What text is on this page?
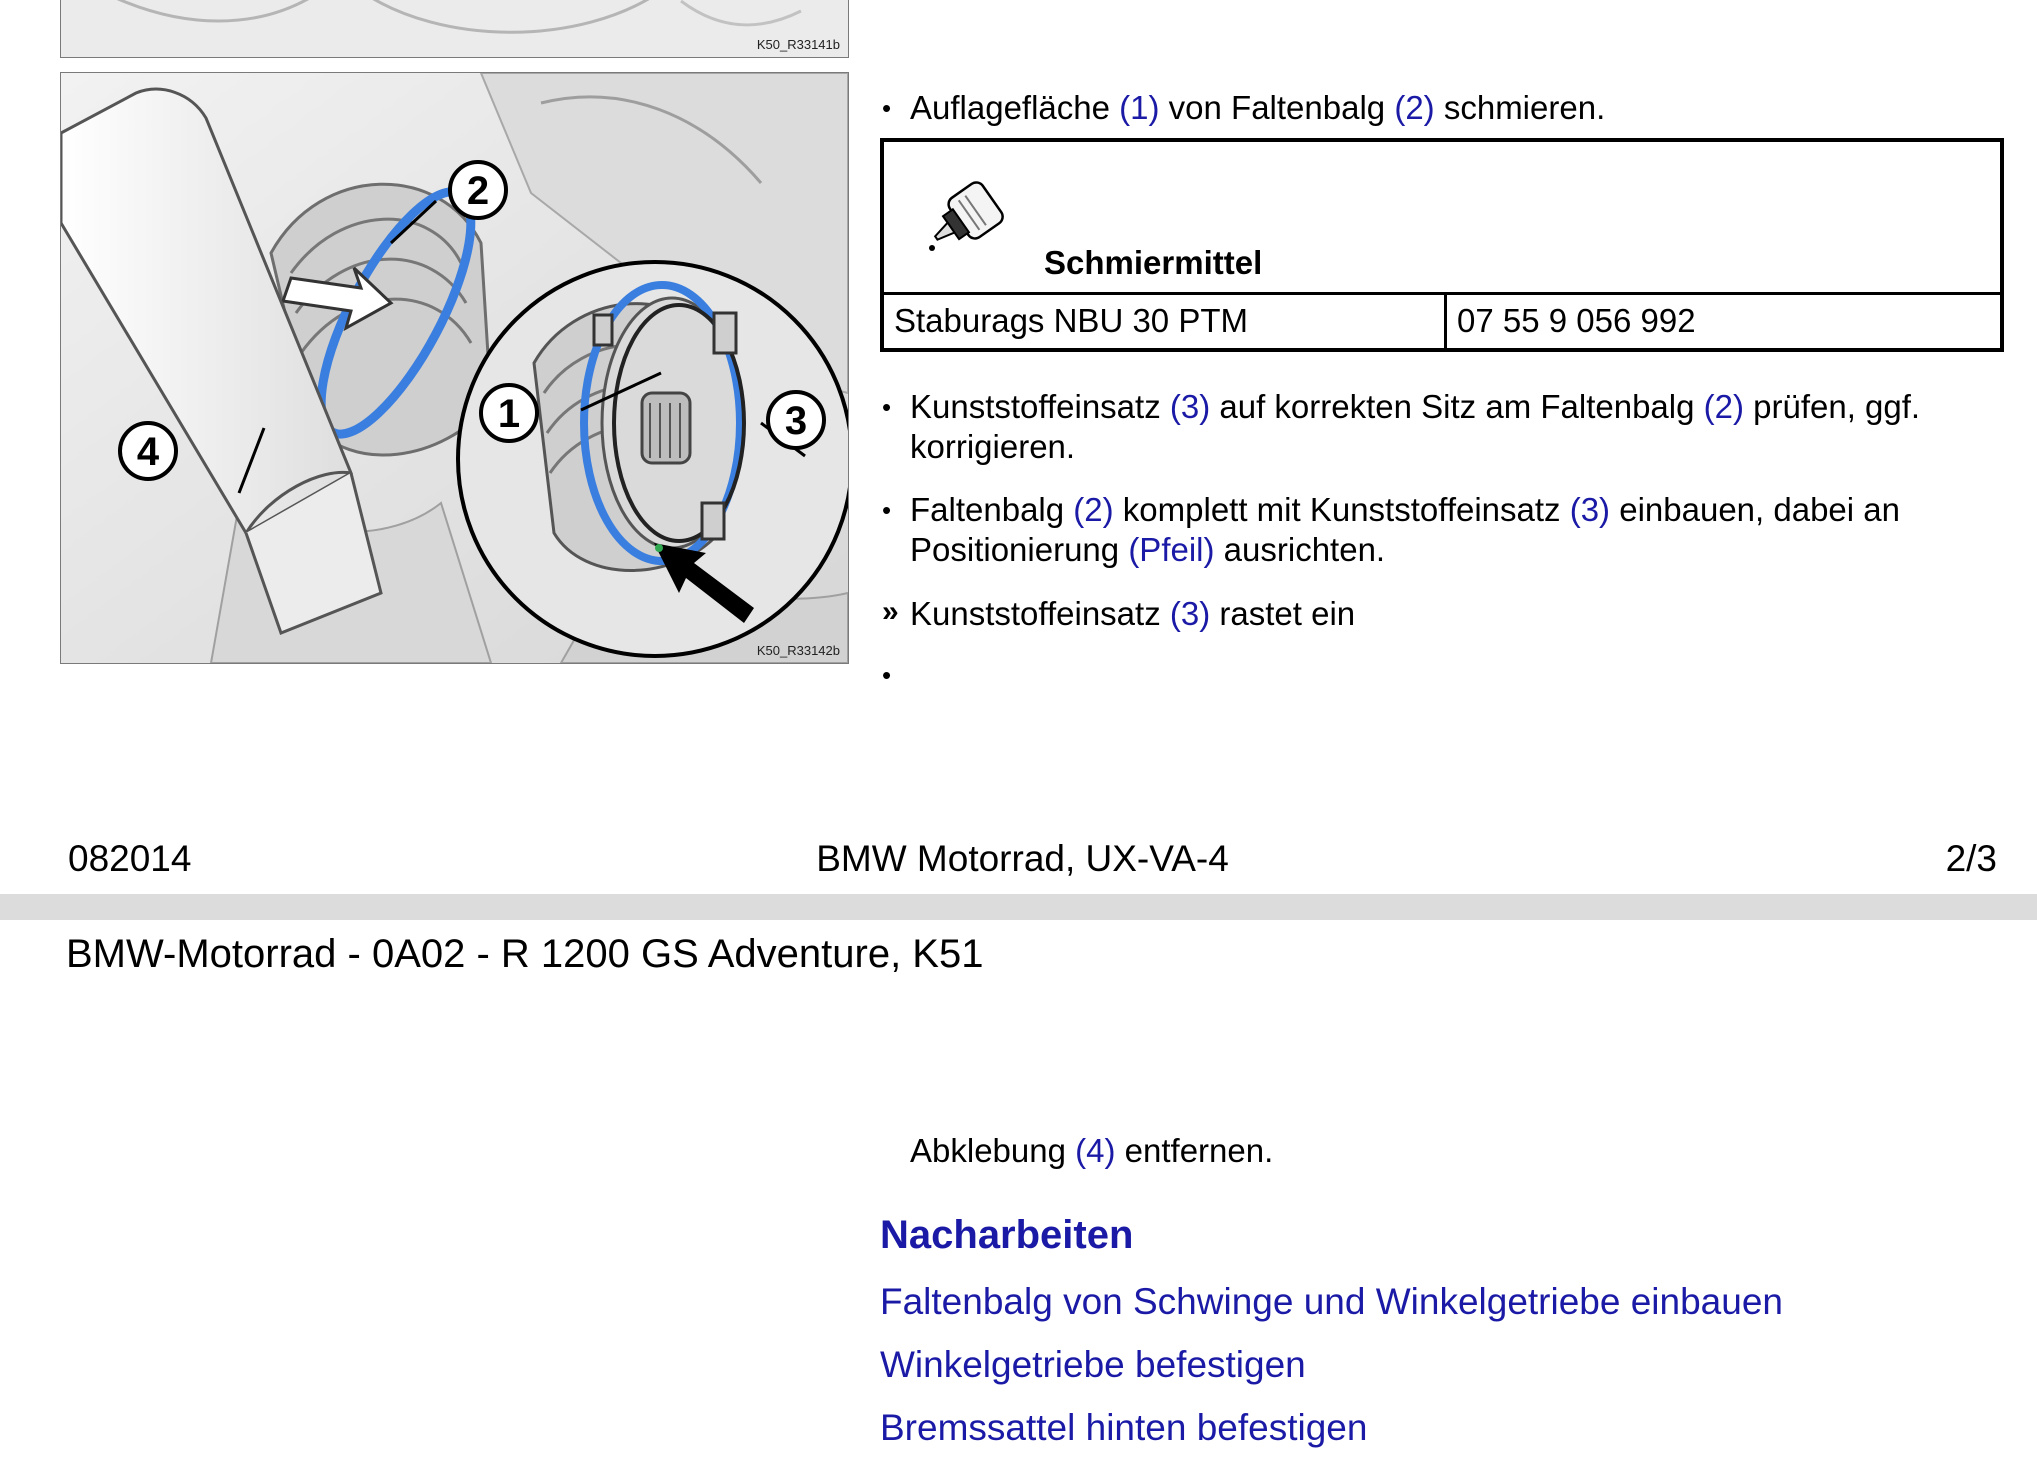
K50_R33141b
2
1	3
4
K50_R33142b
• Auflagefläche (1) von Faltenbalg (2) schmieren.
Schmiermittel

Staburags NBU 30 PTM	07 55 9 056 992
• Kunststoffeinsatz (3) auf korrekten Sitz am Faltenbalg (2) prüfen, ggf.
korrigieren.
• Faltenbalg (2) komplett mit Kunststoffeinsatz (3) einbauen, dabei an
Positionierung (Pfeil) ausrichten.
» Kunststoffeinsatz (3) rastet ein
•
082014	BMW Motorrad, UX-VA-4	2/3
BMW-Motorrad - 0A02 - R 1200 GS Adventure, K51
Abklebung (4) entfernen.
Nacharbeiten
Faltenbalg von Schwinge und Winkelgetriebe einbauen
Winkelgetriebe befestigen
Bremssattel hinten befestigen
